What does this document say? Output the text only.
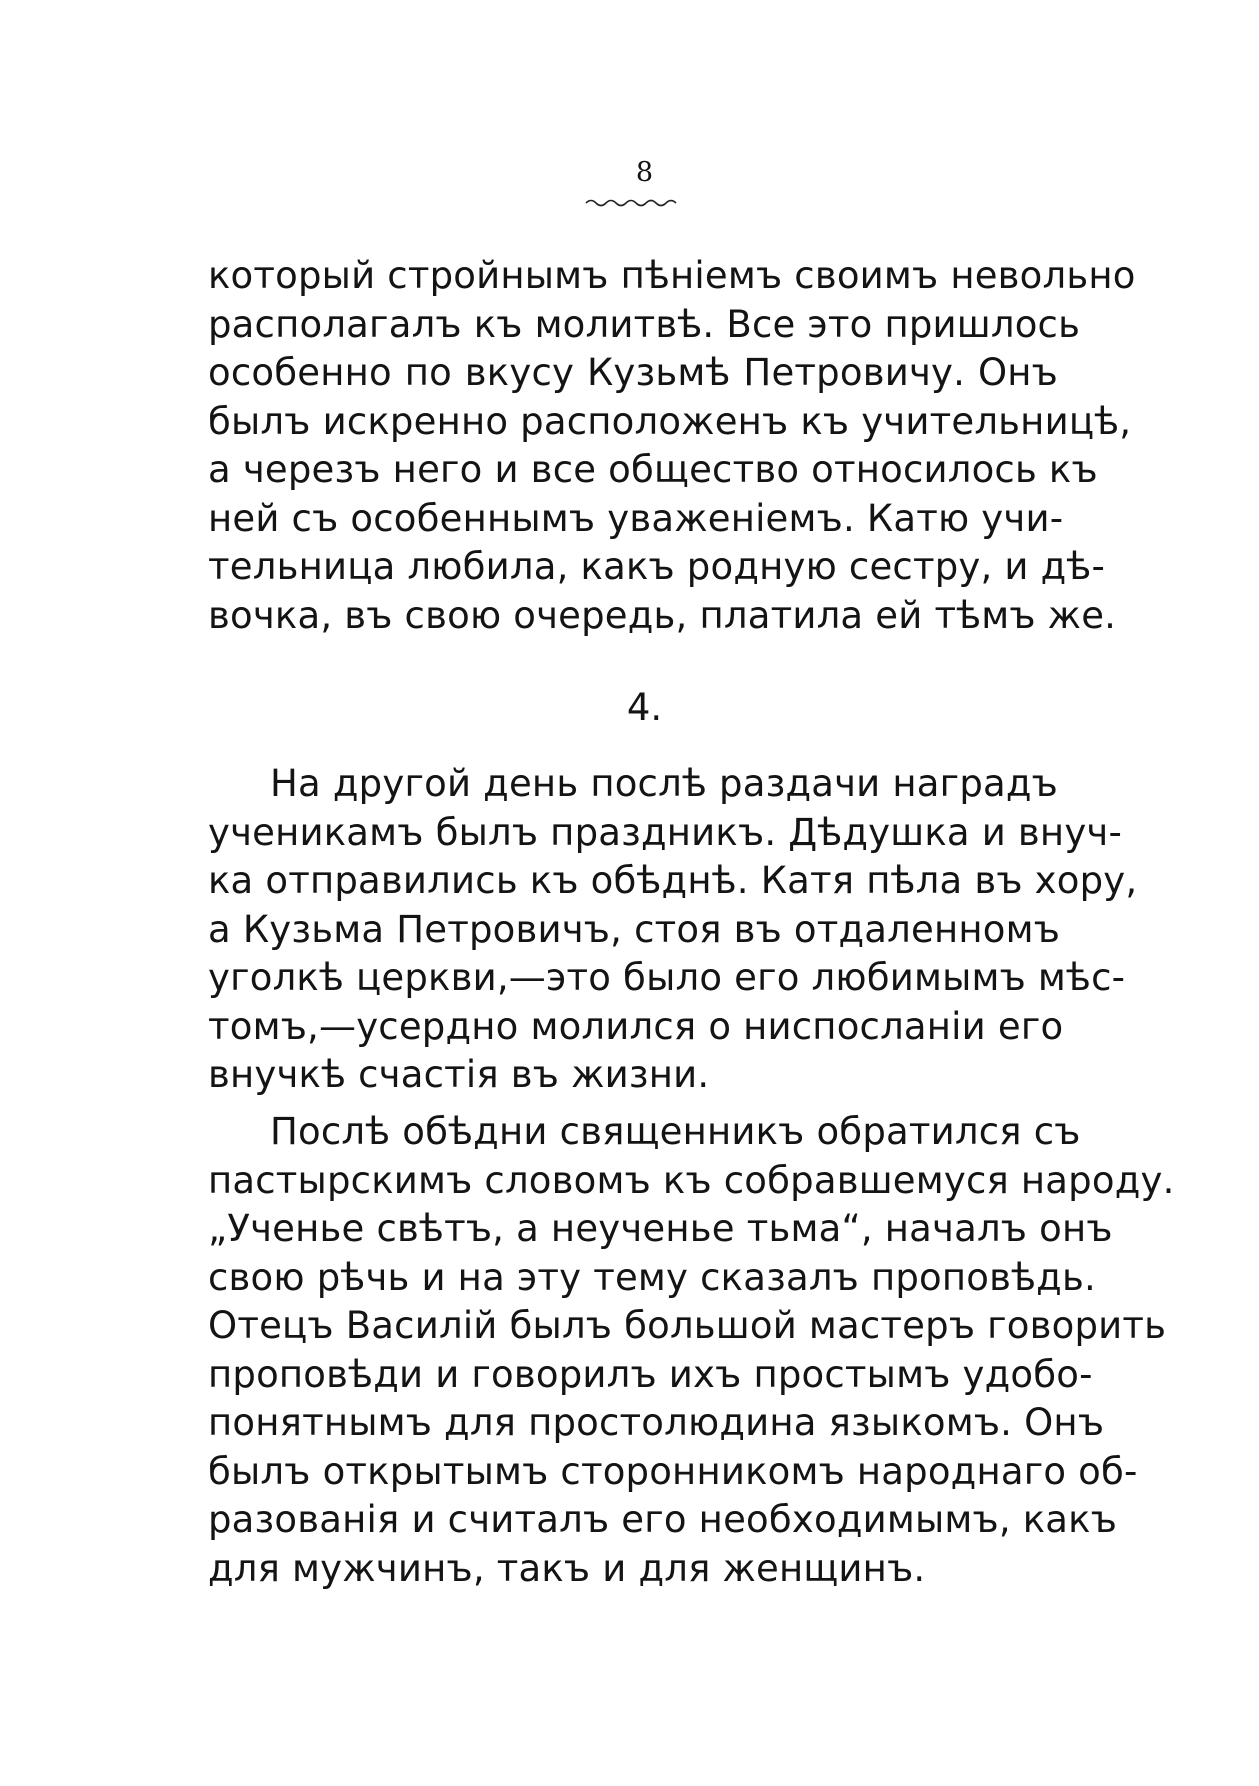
8
который стройнымъ пѣніемъ своимъ невольно
располагалъ къ молитвѣ. Все это пришлось
особенно по вкусу Кузьмѣ Петровичу. Онъ
былъ искренно расположенъ къ учительницѣ,
а черезъ него и все общество относилось къ
ней съ особеннымъ уваженіемъ. Катю учи-
тельница любила, какъ родную сестру, и дѣ-
вочка, въ свою очередь, платила ей тѣмъ же.
4.
На другой день послѣ раздачи наградъ
ученикамъ былъ праздникъ. Дѣдушка и внуч-
ка отправились къ обѣднѣ. Катя пѣла въ хору,
а Кузьма Петровичъ, стоя въ отдаленномъ
уголкѣ церкви,—это было его любимымъ мѣс-
томъ,—усердно молился о ниспосланіи его
внучкѣ счастія въ жизни.
Послѣ обѣдни священникъ обратился съ
пастырскимъ словомъ къ собравшемуся народу.
„Ученье свѣтъ, а неученье тьма“, началъ онъ
свою рѣчь и на эту тему сказалъ проповѣдь.
Отецъ Василій былъ большой мастеръ говорить
проповѣди и говорилъ ихъ простымъ удобо-
понятнымъ для простолюдина языкомъ. Онъ
былъ открытымъ сторонникомъ народнаго об-
разованія и считалъ его необходимымъ, какъ
для мужчинъ, такъ и для женщинъ.
